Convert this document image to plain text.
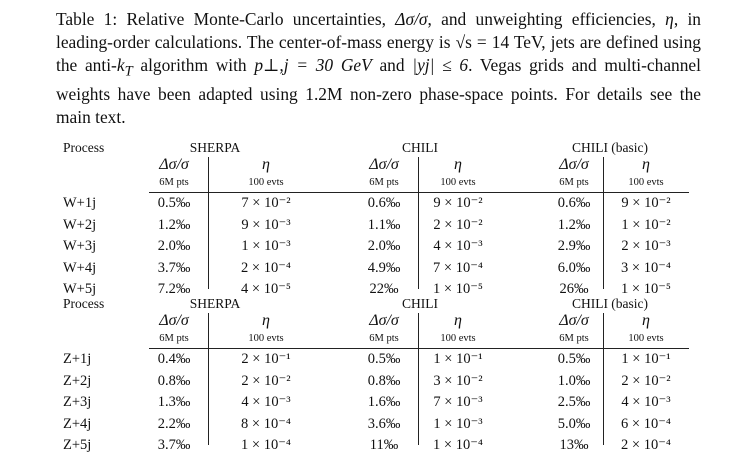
Table 1: Relative Monte-Carlo uncertainties, Δσ/σ, and unweighting efficiencies, η, in leading-order calculations. The center-of-mass energy is √s = 14 TeV, jets are defined using the anti-$k_T$ algorithm with p⊥,j = 30 GeV and |yj| ≤ 6. Vegas grids and multi-channel weights have been adapted using 1.2M non-zero phase-space points. For details see the main text.
Process	SHERPA
Δσ/σ	η
6M pts	100 evts
CHILI
Δσ/σ	η
6M pts	100 evts
CHILI (basic)
Δσ/σ	η
6M pts	100 evts
W+1j	0.5‰	7 × 10⁻²	0.6‰ 9 × 10⁻²	0.6‰ 9 × 10⁻²
W+2j	1.2‰	9 × 10⁻³	1.1‰ 2 × 10⁻²	1.2‰ 1 × 10⁻²
W+3j	2.0‰	1 × 10⁻³	2.0‰ 4 × 10⁻³	2.9‰ 2 × 10⁻³
W+4j	3.7‰	2 × 10⁻⁴	4.9‰ 7 × 10⁻⁴	6.0‰ 3 × 10⁻⁴
W+5j	7.2‰	4 × 10⁻⁵	22‰ 1 × 10⁻⁵	26‰ 1 × 10⁻⁵
Process	SHERPA
Δσ/σ	η
6M pts	100 evts
CHILI
Δσ/σ	η
6M pts	100 evts
CHILI (basic)
Δσ/σ	η
6M pts	100 evts
Z+1j	0.4‰	2 × 10⁻¹	0.5‰ 1 × 10⁻¹	0.5‰ 1 × 10⁻¹
Z+2j	0.8‰	2 × 10⁻²	0.8‰ 3 × 10⁻²	1.0‰ 2 × 10⁻²
Z+3j	1.3‰	4 × 10⁻³	1.6‰ 7 × 10⁻³	2.5‰ 4 × 10⁻³
Z+4j	2.2‰	8 × 10⁻⁴	3.6‰ 1 × 10⁻³	5.0‰ 6 × 10⁻⁴
Z+5j	3.7‰	1 × 10⁻⁴	11‰ 1 × 10⁻⁴	13‰ 2 × 10⁻⁴
